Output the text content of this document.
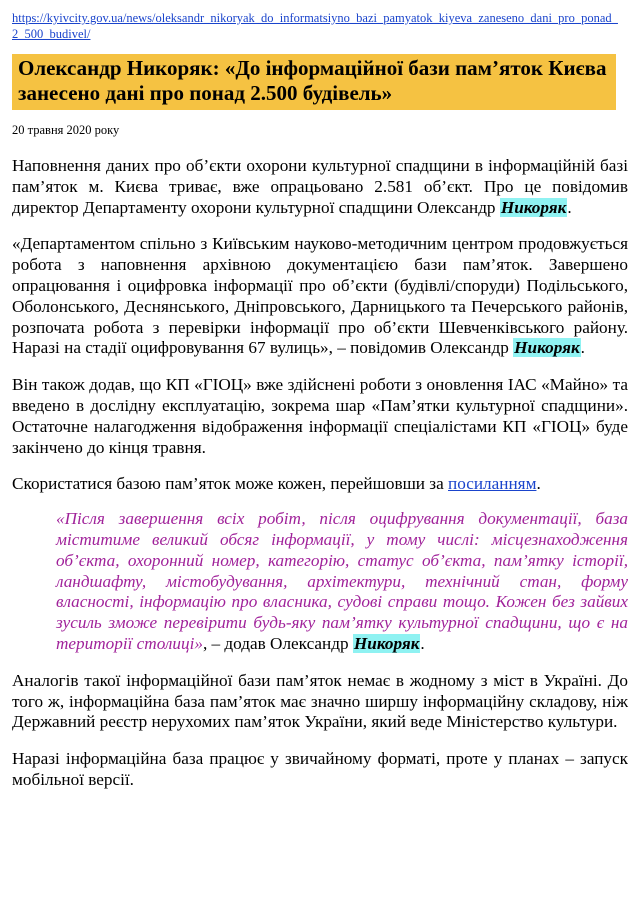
https://kyivcity.gov.ua/news/oleksandr_nikoryak_do_informatsiyno_bazi_pamyatok_kiyeva_zaneseno_dani_pro_ponad_2_500_budivel/
Олександр Никоряк: «До інформаційної бази пам’яток Києва занесено дані про понад 2.500 будівель»
20 травня 2020 року

Наповнення даних про об’єкти охорони культурної спадщини в інформаційній базі пам’яток м. Києва триває, вже опрацьовано 2.581 об’єкт. Про це повідомив директор Департаменту охорони культурної спадщини Олександр Никоряк.

«Департаментом спільно з Київським науково-методичним центром продовжується робота з наповнення архівною документацією бази пам’яток. Завершено опрацювання і оцифровка інформації про об’єкти (будівлі/споруди) Подільського, Оболонського, Деснянського, Дніпровського, Дарницького та Печерського районів, розпочата робота з перевірки інформації про об’єкти Шевченківського району. Наразі на стадії оцифровування 67 вулиць», – повідомив Олександр Никоряк.

Він також додав, що КП «ГІОЦ» вже здійснені роботи з оновлення ІАС «Майно» та введено в дослідну експлуатацію, зокрема шар «Пам’ятки культурної спадщини». Остаточне налагодження відображення інформації спеціалістами КП «ГІОЦ» буде закінчено до кінця травня.

Скористатися базою пам’яток може кожен, перейшовши за посиланням.

«Після завершення всіх робіт, після оцифрування документації, база міститиме великий обсяг інформації, у тому числі: місцезнаходження об’єкта, охоронний номер, категорію, статус об’єкта, пам’ятку історії, ландшафту, містобудування, архітектури, технічний стан, форму власності, інформацію про власника, судові справи тощо. Кожен без зайвих зусиль зможе перевірити будь-яку пам’ятку культурної спадщини, що є на території столиці», – додав Олександр Никоряк.

Аналогів такої інформаційної бази пам’яток немає в жодному з міст в Україні. До того ж, інформаційна база пам’яток має значно ширшу інформаційну складову, ніж Державний реєстр нерухомих пам’яток України, який веде Міністерство культури.

Наразі інформаційна база працює у звичайному форматі, проте у планах – запуск мобільної версії.
